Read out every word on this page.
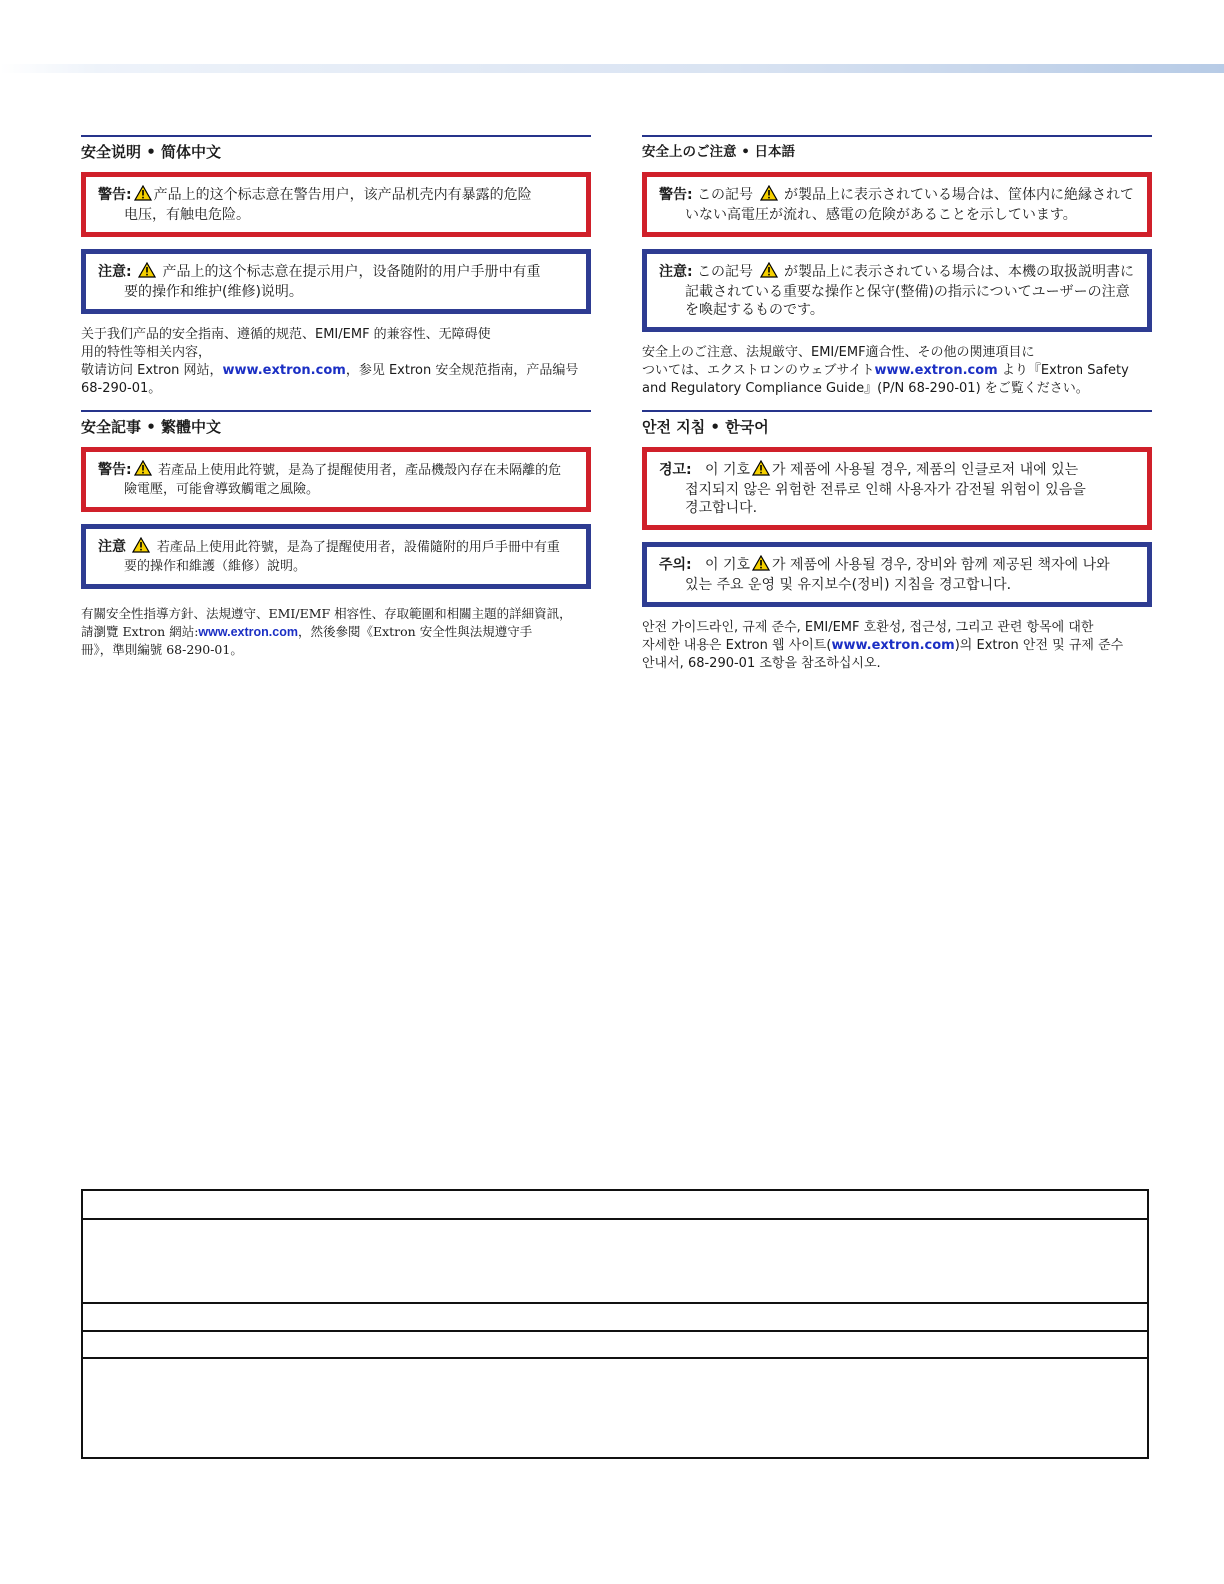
安全说明 • 简体中文
警告: 产品上的这个标志意在警告用户，该产品机壳内有暴露的危险
电压，有触电危险。
注意: 产品上的这个标志意在提示用户，设备随附的用户手册中有重
要的操作和维护(维修)说明。
关于我们产品的安全指南、遵循的规范、EMI/EMF 的兼容性、无障碍使
用的特性等相关内容，
敬请访问 Extron 网站，www.extron.com，参见 Extron 安全规范指南，产品编号
68-290-01。
安全記事 • 繁體中文
警告: 若產品上使用此符號，是為了提醒使用者，產品機殼內存在未隔離的危
險電壓，可能會導致觸電之風險。
注意 若產品上使用此符號，是為了提醒使用者，設備隨附的用戶手冊中有重
要的操作和維護（維修）說明。
有關安全性指導方針、法規遵守、EMI/EMF 相容性、存取範圍和相關主題的詳細資訊，
請瀏覽 Extron 網站:www.extron.com，然後參閱《Extron 安全性與法規遵守手
冊》，準則編號 68-290-01。
安全上のご注意 • 日本語
警告: この記号 が製品上に表示されている場合は、筐体内に絶縁されて
いない高電圧が流れ、感電の危険があることを示しています。
注意: この記号 が製品上に表示されている場合は、本機の取扱説明書に
記載されている重要な操作と保守(整備)の指示についてユーザーの注意
を喚起するものです。
安全上のご注意、法規厳守、EMI/EMF適合性、その他の関連項目に
ついては、エクストロンのウェブサイトwww.extron.com より『Extron Safety
and Regulatory Compliance Guide』(P/N 68-290-01) をご覧ください。
안전 지침 • 한국어
경고: 이 기호 가 제품에 사용될 경우, 제품의 인클로저 내에 있는
접지되지 않은 위험한 전류로 인해 사용자가 감전될 위험이 있음을
경고합니다.
주의: 이 기호 가 제품에 사용될 경우, 장비와 함께 제공된 책자에 나와
있는 주요 운영 및 유지보수(정비) 지침을 경고합니다.
안전 가이드라인, 규제 준수, EMI/EMF 호환성, 접근성, 그리고 관련 항목에 대한
자세한 내용은 Extron 웹 사이트(www.extron.com)의 Extron 안전 및 규제 준수
안내서, 68-290-01 조항을 참조하십시오.
